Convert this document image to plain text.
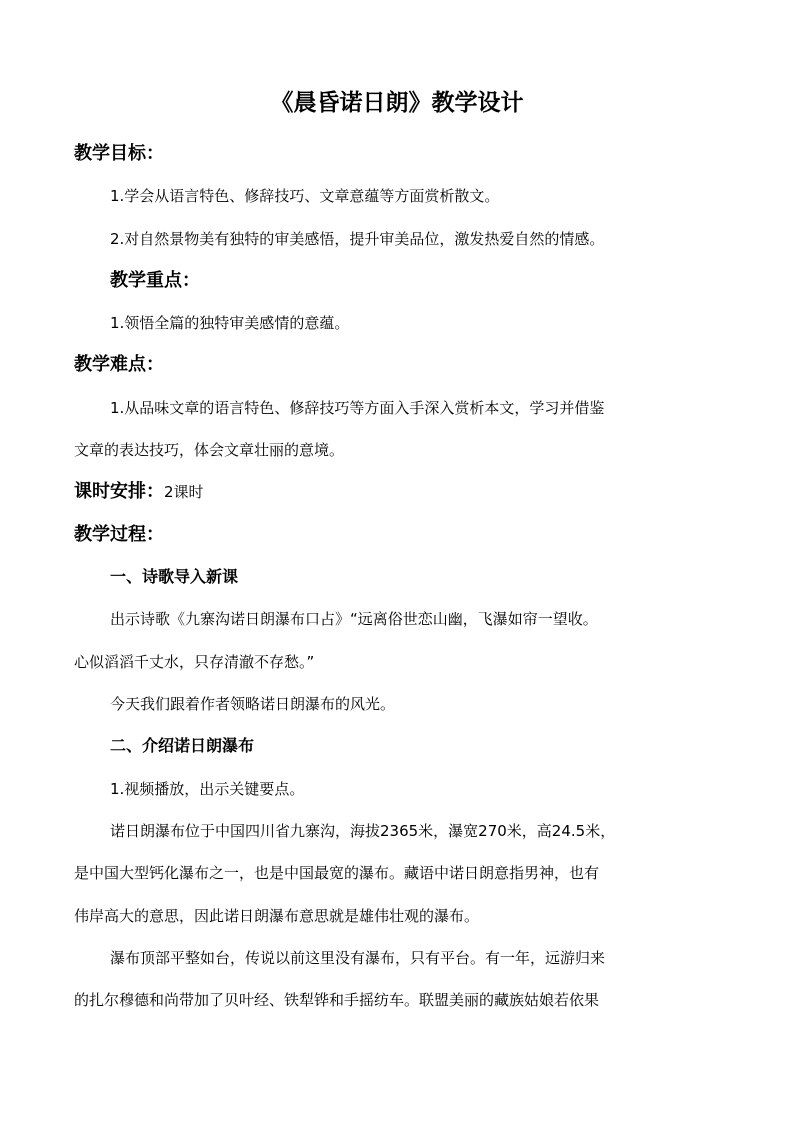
《晨昏诺日朗》教学设计
教学目标：
1.学会从语言特色、修辞技巧、文章意蕴等方面赏析散文。
2.对自然景物美有独特的审美感悟，提升审美品位，激发热爱自然的情感。
教学重点：
1.领悟全篇的独特审美感情的意蕴。
教学难点：
1.从品味文章的语言特色、修辞技巧等方面入手深入赏析本文，学习并借鉴
文章的表达技巧，体会文章壮丽的意境。
课时安排：2课时
教学过程：
一、诗歌导入新课
出示诗歌《九寨沟诺日朗瀑布口占》“远离俗世恋山幽，飞瀑如帘一望收。
心似滔滔千丈水，只存清澈不存愁。”
今天我们跟着作者领略诺日朗瀑布的风光。
二、介绍诺日朗瀑布
1.视频播放，出示关键要点。
诺日朗瀑布位于中国四川省九寨沟，海拔2365米，瀑宽270米，高24.5米，
是中国大型钙化瀑布之一，也是中国最宽的瀑布。藏语中诺日朗意指男神，也有
伟岸高大的意思，因此诺日朗瀑布意思就是雄伟壮观的瀑布。
瀑布顶部平整如台，传说以前这里没有瀑布，只有平台。有一年，远游归来
的扎尔穆德和尚带加了贝叶经、铁犁铧和手摇纺车。联盟美丽的藏族姑娘若依果
